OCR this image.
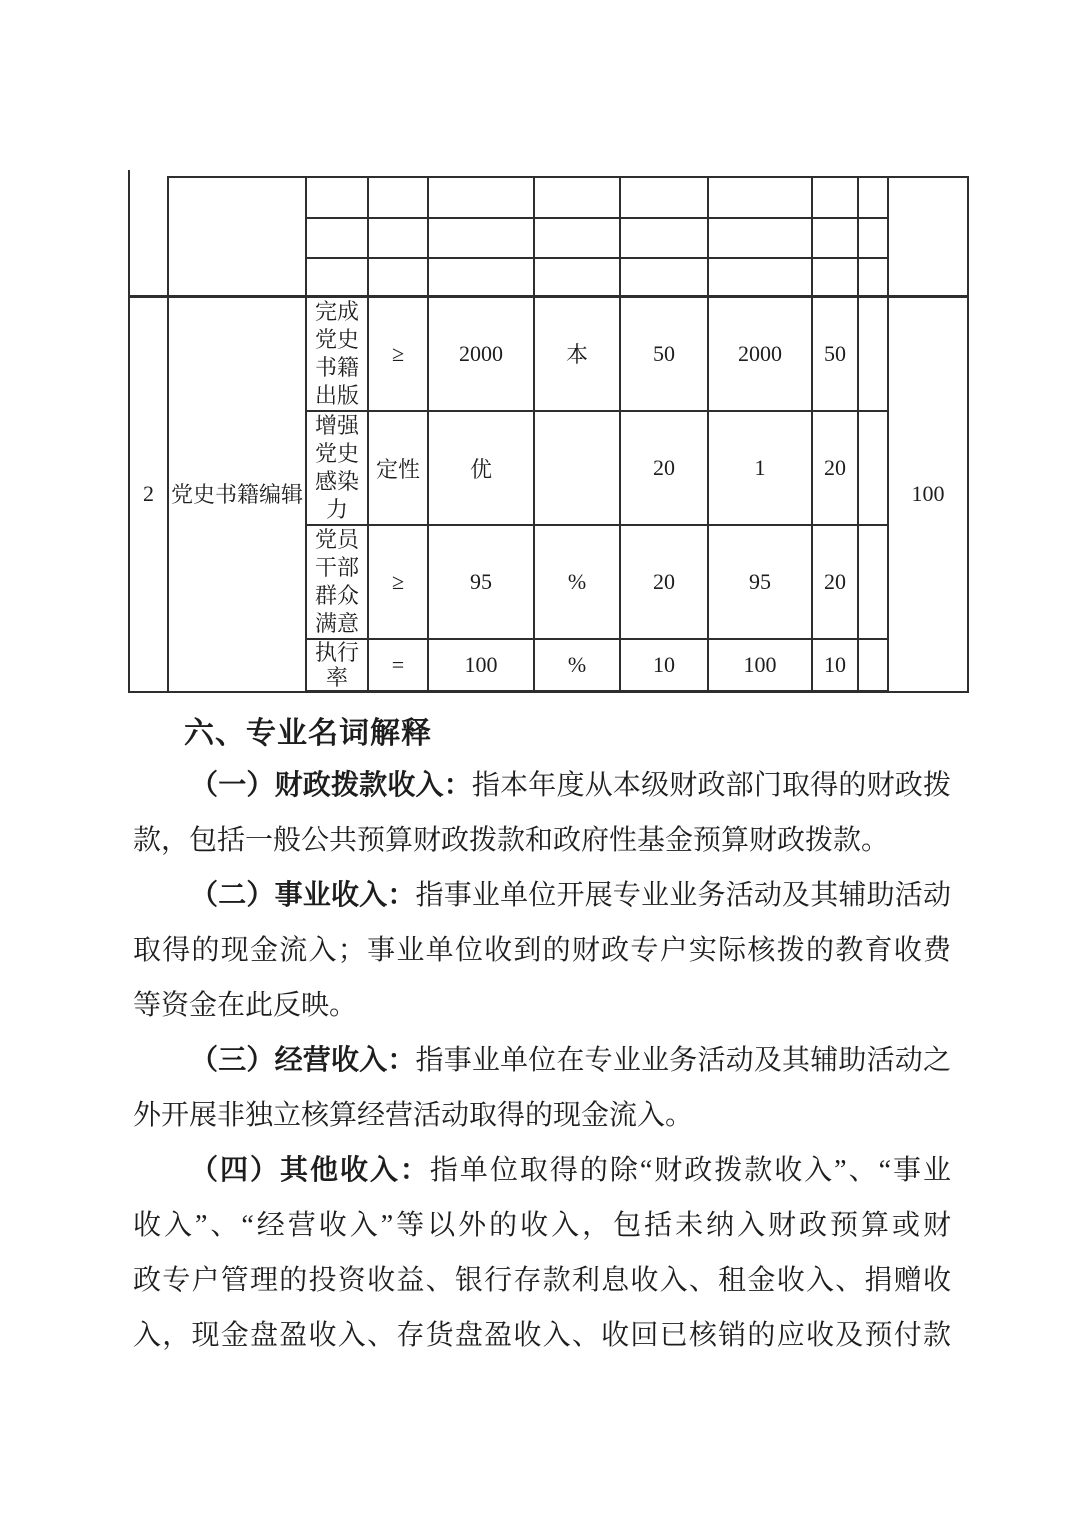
2	党史书籍编辑	完成党史书籍出版	≥	2000	本	50	2000	50		100
		增强党史感染力	定性	优		20	1	20		
		党员干部群众满意	≥	95	%	20	95	20		
		执行率	=	100	%	10	100	10		
六、专业名词解释
（一）财政拨款收入：指本年度从本级财政部门取得的财政拨
款，包括一般公共预算财政拨款和政府性基金预算财政拨款。
（二）事业收入：指事业单位开展专业业务活动及其辅助活动
取得的现金流入；事业单位收到的财政专户实际核拨的教育收费
等资金在此反映。
（三）经营收入：指事业单位在专业业务活动及其辅助活动之
外开展非独立核算经营活动取得的现金流入。
（四）其他收入：指单位取得的除“财政拨款收入”、“事业
收入”、“经营收入”等以外的收入，包括未纳入财政预算或财
政专户管理的投资收益、银行存款利息收入、租金收入、捐赠收
入，现金盘盈收入、存货盘盈收入、收回已核销的应收及预付款
